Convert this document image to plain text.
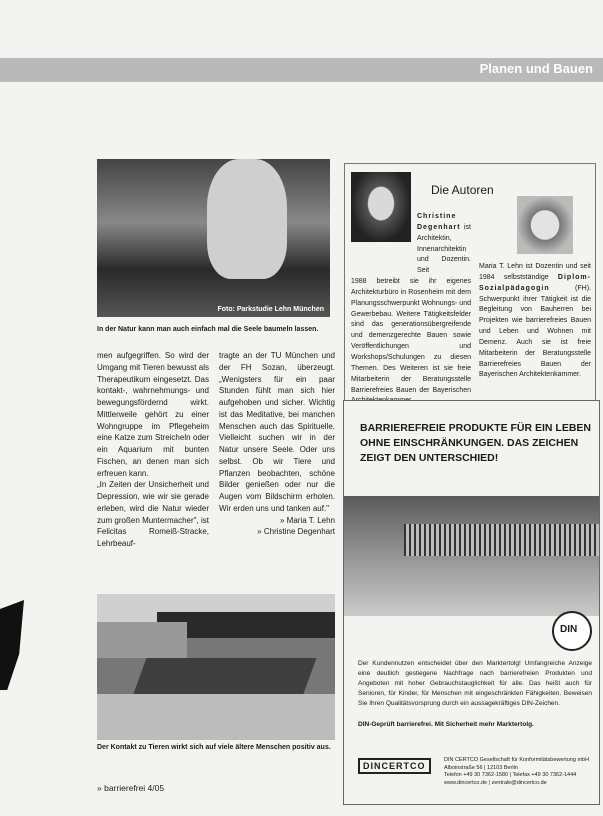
Planen und Bauen
Foto: Parkstudie Lehn München
In der Natur kann man auch einfach mal die Seele baumeln lassen.

men aufgegriffen. So wird der Umgang mit Tieren bewusst als Therapeutikum eingesetzt. Das kontakt-, wahrnehmungs- und bewegungsfördernd wirkt. Mittlerweile gehört zu einer Wohngruppe im Pflegeheim eine Katze zum Streicheln oder ein Aquarium mit bunten Fischen, an denen man sich erfreuen kann.

„In Zeiten der Unsicherheit und Depression, wie wir sie gerade erleben, wird die Natur wieder zum großen Muntermacher", ist Felicitas Romeiß-Stracke, Lehrbeauf-

tragte an der TU München und der FH Sozan, überzeugt. „Wenigsters für ein paar Stunden fühlt man sich hier aufgehoben und sicher. Wichtig ist das Meditative, bei manchen Menschen auch das Spirituelle. Vielleicht suchen wir in der Natur unsere Seele. Oder uns selbst. Ob wir Tiere und Pflanzen beobachten, schöne Bilder genießen oder nur die Augen vom Bildschirm erholen. Wir erden uns und tanken auf."

» Maria T. Lehn

» Christine Degenhart

Der Kontakt zu Tieren wirkt sich auf viele ältere Menschen positiv aus.
» barrierefrei 4/05
Die Autoren
Christine Degenhart ist Architektin, Innenarchitektin und Dozentin. Seit

1988 betreibt sie ihr eigenes Architekturbüro in Rosenheim mit dem Planungsschwerpunkt Wohnungs- und Gewerbebau. Weitere Tätigkeitsfelder sind das generationsübergreifende und demenzgerechte Bauen sowie Veröffentlichungen und Workshops/Schulungen zu diesen Themen. Des Weiteren ist sie freie Mitarbeiterin der Beratungsstelle Barrierefreies Bauen der Bayerischen

Maria T. Lehn ist Dozentin und seit 1984 selbstständige Diplom-Sozialpädagogin	(FH). Schwerpunkt ihrer Tätigkeit ist die Begleitung von Bauherren bei Projekten wie barrierefreies Bauen und Leben und Wohnen mit Demenz. Auch sie ist freie Mitarbeiterin der Beratungsstelle Barrierefreies Bauen der Bayerischen Architektenkammer.

BARRIEREFREIE PRODUKTE FÜR EIN LEBEN OHNE EINSCHRÄNKUNGEN. DAS ZEICHEN ZEIGT DEN UNTERSCHIED!
DIN

Der Kundennutzen entscheidet über den Marktertolg! Umfangreiche Anzeige eine deutlich gestiegene Nachfrage nach barrierefreien Produkten und Angeboten mit hoher Gebrauchstauglichkeit für alle. Das heißt auch für Senioren, für Kinder, für Menschen mit eingeschränkten Fähigkeiten. Beweisen Sie Ihren Qualitätsvorsprung durch ein aussagekräftiges DIN-Zeichen.

DIN-Geprüft barrierefrei. Mit Sicherheit mehr Marktertolg.
DINCERTCO
DIN CERTCO Gesellschaft für Konformitätsbewertung mbH
Alboinstraße 56 | 12103 Berlin
Telefon +49 30 7362-1580 | Telefax +49 30 7362-1444
www.dincertco.de | zentrale@dincertco.de
